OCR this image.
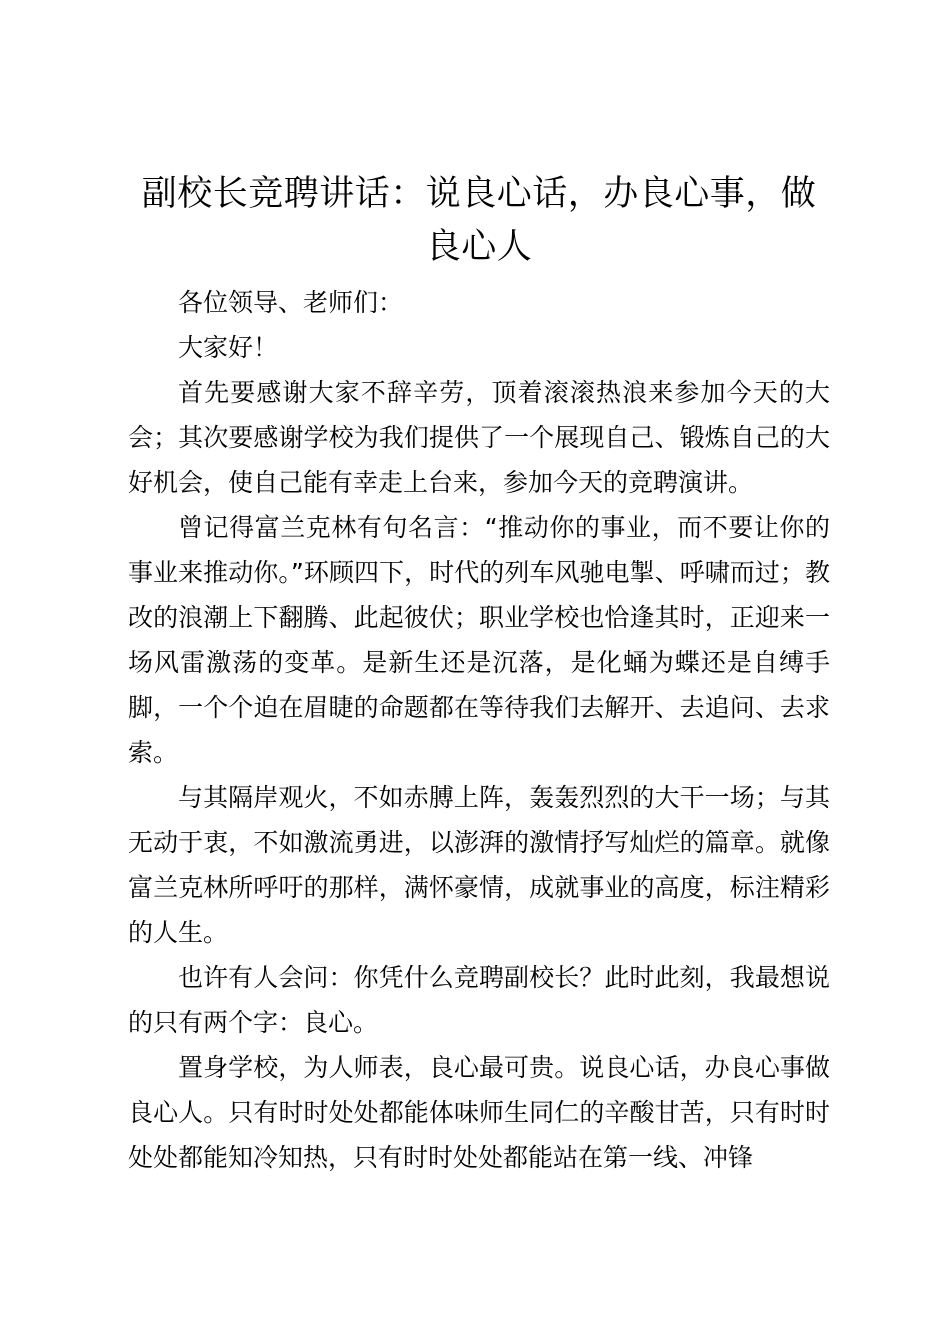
副校长竞聘讲话：说良心话，办良心事，做良心人

各位领导、老师们：

大家好！

首先要感谢大家不辞辛劳，顶着滚滚热浪来参加今天的大会；其次要感谢学校为我们提供了一个展现自己、锻炼自己的大好机会，使自己能有幸走上台来，参加今天的竞聘演讲。

曾记得富兰克林有句名言：“推动你的事业，而不要让你的事业来推动你。”环顾四下，时代的列车风驰电掣、呼啸而过；教改的浪潮上下翻腾、此起彼伏；职业学校也恰逢其时，正迎来一场风雷激荡的变革。是新生还是沉落，是化蛹为蝶还是自缚手脚，一个个迫在眉睫的命题都在等待我们去解开、去追问、去求索。

与其隔岸观火，不如赤膊上阵，轰轰烈烈的大干一场；与其无动于衷，不如激流勇进，以澎湃的激情抒写灿烂的篇章。就像富兰克林所呼吁的那样，满怀豪情，成就事业的高度，标注精彩的人生。

也许有人会问：你凭什么竞聘副校长？此时此刻，我最想说的只有两个字：良心。

置身学校，为人师表，良心最可贵。说良心话，办良心事做良心人。只有时时处处都能体味师生同仁的辛酸甘苦，只有时时处处都能知冷知热，只有时时处处都能站在第一线、冲锋
